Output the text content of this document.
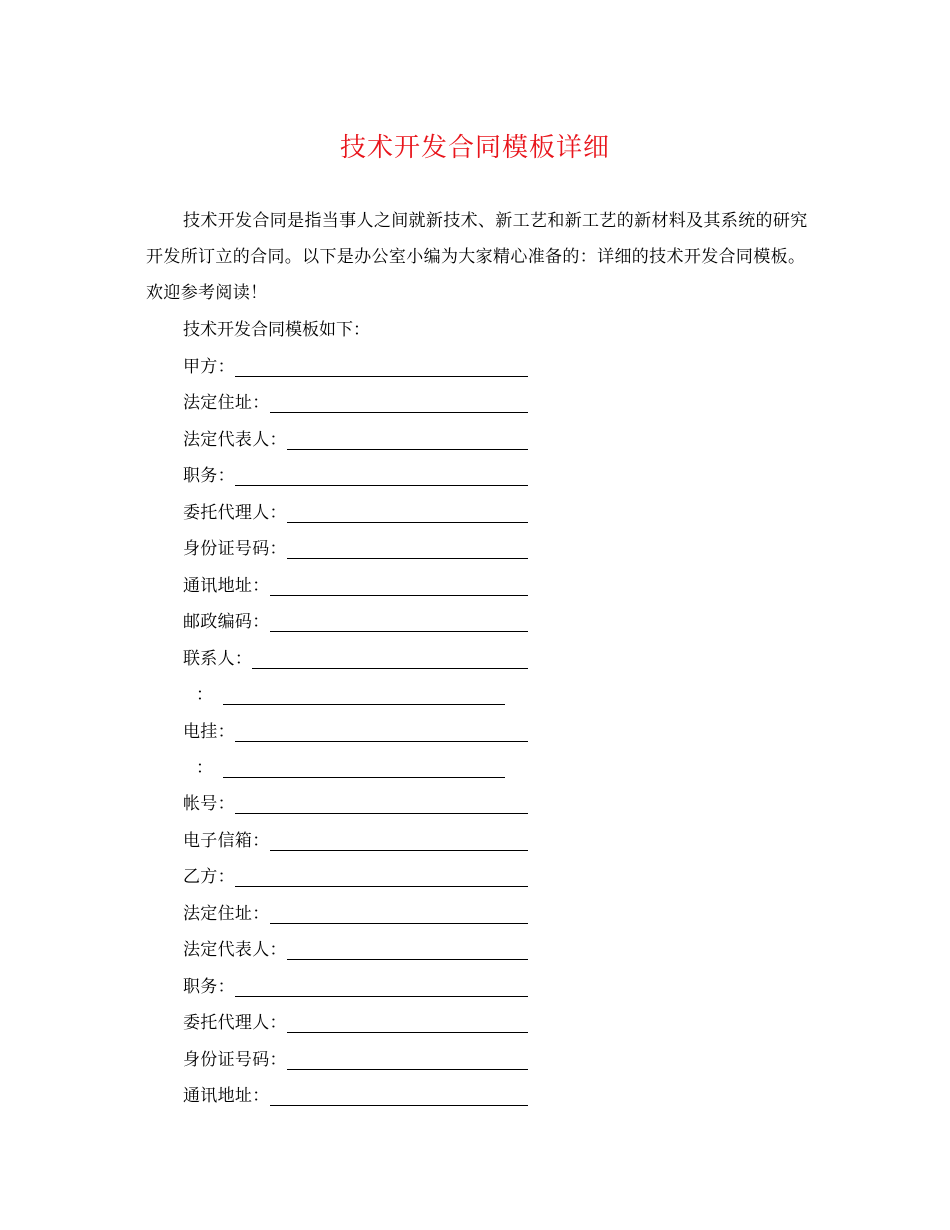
技术开发合同模板详细

技术开发合同是指当事人之间就新技术、新工艺和新工艺的新材料及其系统的研究开发所订立的合同。以下是办公室小编为大家精心准备的：详细的技术开发合同模板。欢迎参考阅读！

技术开发合同模板如下：
甲方：
法定住址：
法定代表人：
职务：
委托代理人：
身份证号码：
通讯地址：
邮政编码：
联系人：
：
电挂：
：
帐号：
电子信箱：
乙方：
法定住址：
法定代表人：
职务：
委托代理人：
身份证号码：
通讯地址：
